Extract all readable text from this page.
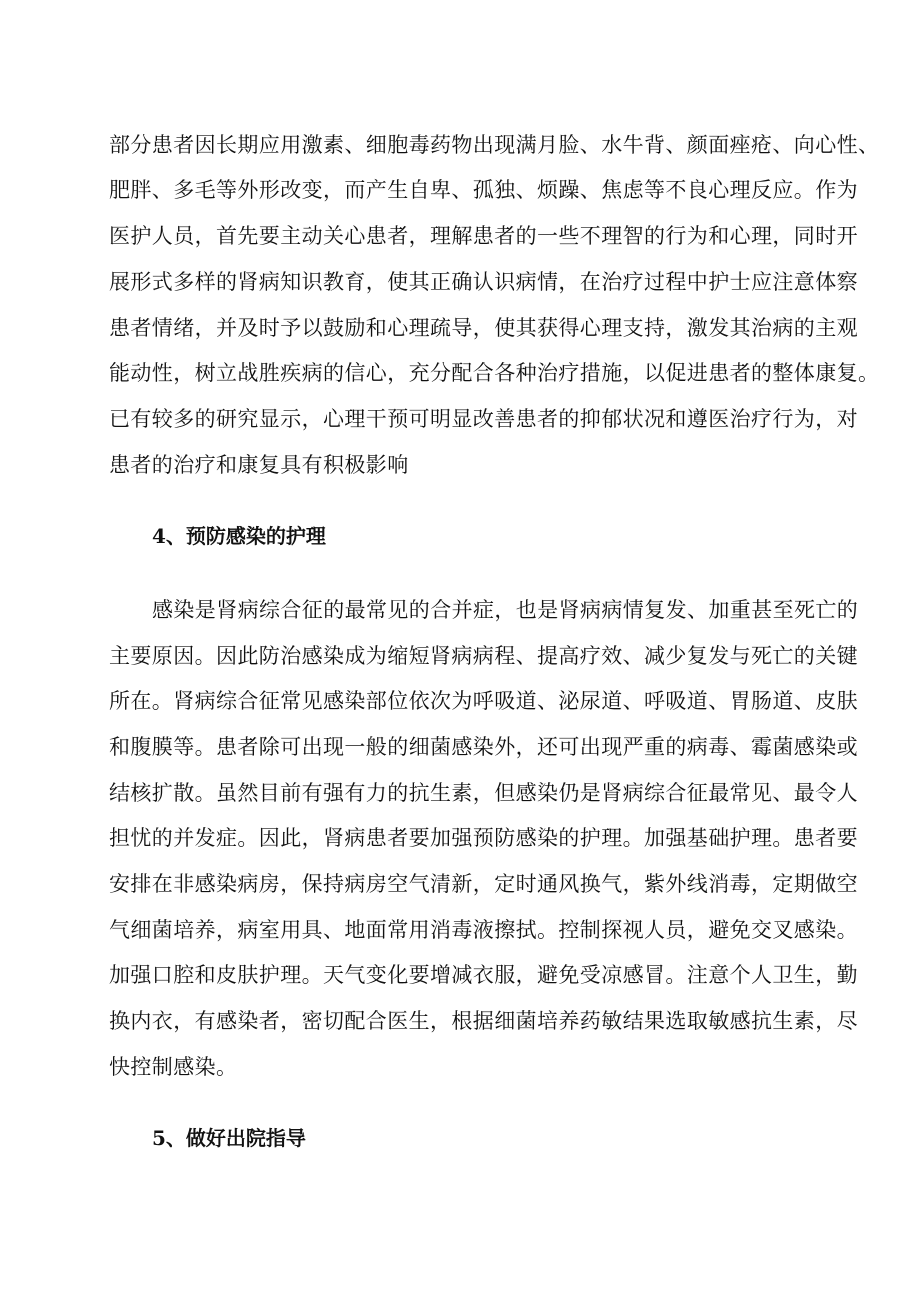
部分患者因长期应用激素、细胞毒药物出现满月脸、水牛背、颜面痤疮、向心性、
肥胖、多毛等外形改变，而产生自卑、孤独、烦躁、焦虑等不良心理反应。作为
医护人员，首先要主动关心患者，理解患者的一些不理智的行为和心理，同时开
展形式多样的肾病知识教育，使其正确认识病情，在治疗过程中护士应注意体察
患者情绪，并及时予以鼓励和心理疏导，使其获得心理支持，激发其治病的主观
能动性，树立战胜疾病的信心，充分配合各种治疗措施，以促进患者的整体康复。
已有较多的研究显示，心理干预可明显改善患者的抑郁状况和遵医治疗行为，对
患者的治疗和康复具有积极影响
4、预防感染的护理
感染是肾病综合征的最常见的合并症，也是肾病病情复发、加重甚至死亡的
主要原因。因此防治感染成为缩短肾病病程、提高疗效、减少复发与死亡的关键
所在。肾病综合征常见感染部位依次为呼吸道、泌尿道、呼吸道、胃肠道、皮肤
和腹膜等。患者除可出现一般的细菌感染外，还可出现严重的病毒、霉菌感染或
结核扩散。虽然目前有强有力的抗生素，但感染仍是肾病综合征最常见、最令人
担忧的并发症。因此，肾病患者要加强预防感染的护理。加强基础护理。患者要
安排在非感染病房，保持病房空气清新，定时通风换气，紫外线消毒，定期做空
气细菌培养，病室用具、地面常用消毒液擦拭。控制探视人员，避免交叉感染。
加强口腔和皮肤护理。天气变化要增减衣服，避免受凉感冒。注意个人卫生，勤
换内衣，有感染者，密切配合医生，根据细菌培养药敏结果选取敏感抗生素，尽
快控制感染。
5、做好出院指导
